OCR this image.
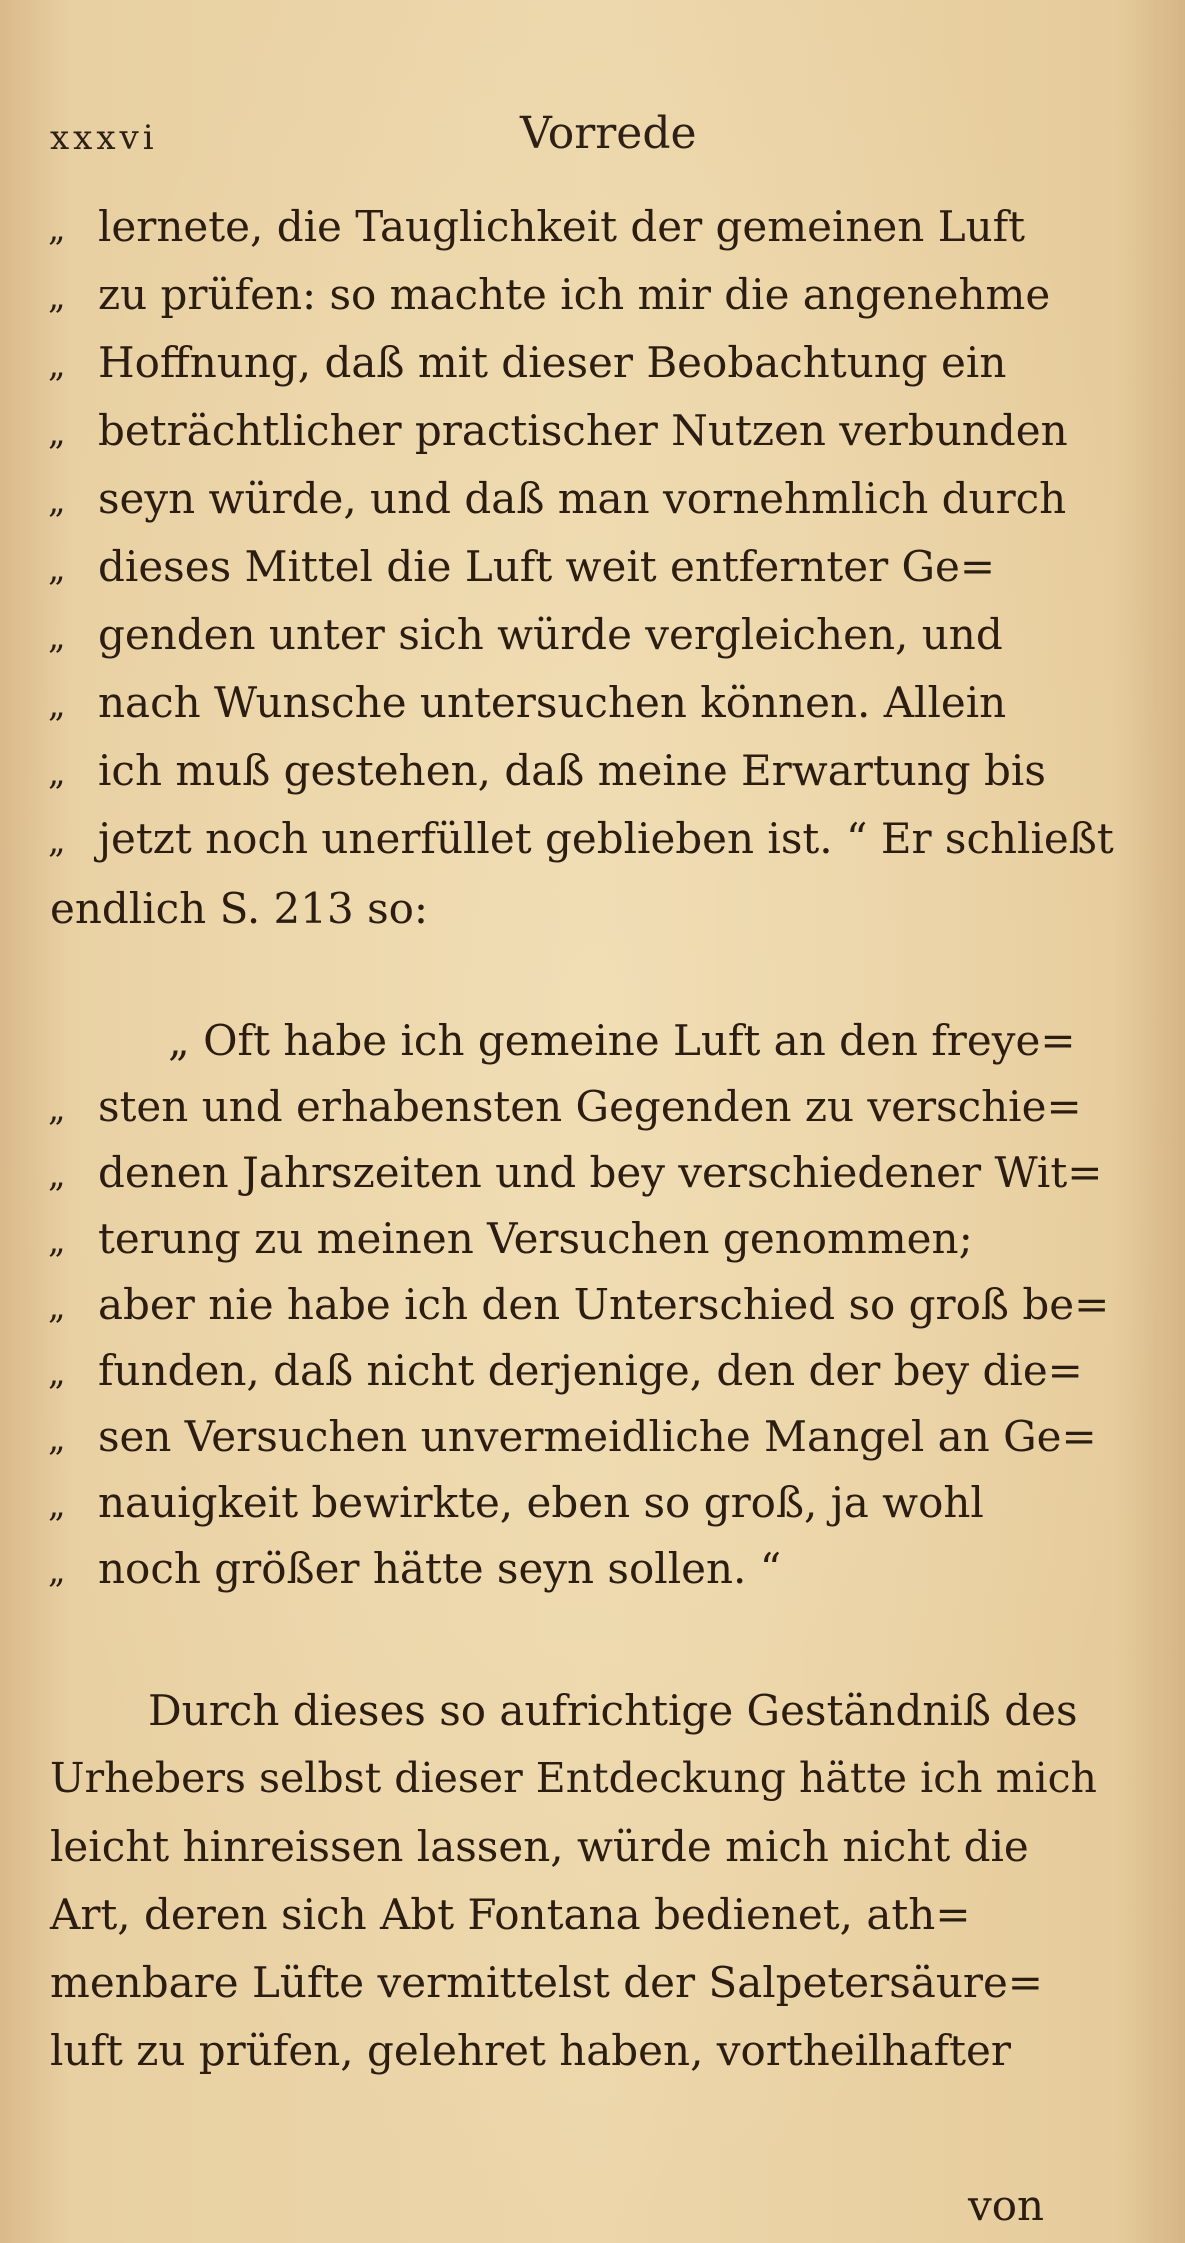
xxxvi	Vorrede
„ lernete, die Tauglichkeit der gemeinen Luft
„ zu prüfen: so machte ich mir die angenehme
„ Hoffnung, daß mit dieser Beobachtung ein
„ beträchtlicher practischer Nutzen verbunden
„ seyn würde, und daß man vornehmlich durch
„ dieses Mittel die Luft weit entfernter Ge=
„ genden unter sich würde vergleichen, und
„ nach Wunsche untersuchen können. Allein
„ ich muß gestehen, daß meine Erwartung bis
„ jetzt noch unerfüllet geblieben ist. “ Er schließt
endlich S. 213 so:
„ Oft habe ich gemeine Luft an den freye=
„ sten und erhabensten Gegenden zu verschie=
„ denen Jahrszeiten und bey verschiedener Wit=
„ terung zu meinen Versuchen genommen;
„ aber nie habe ich den Unterschied so groß be=
„ funden, daß nicht derjenige, den der bey die=
„ sen Versuchen unvermeidliche Mangel an Ge=
„ nauigkeit bewirkte, eben so groß, ja wohl
„ noch größer hätte seyn sollen. “
Durch dieses so aufrichtige Geständniß des
Urhebers selbst dieser Entdeckung hätte ich mich
leicht hinreissen lassen, würde mich nicht die
Art, deren sich Abt Fontana bedienet, ath=
menbare Lüfte vermittelst der Salpetersäure=
luft zu prüfen, gelehret haben, vortheilhafter
von
